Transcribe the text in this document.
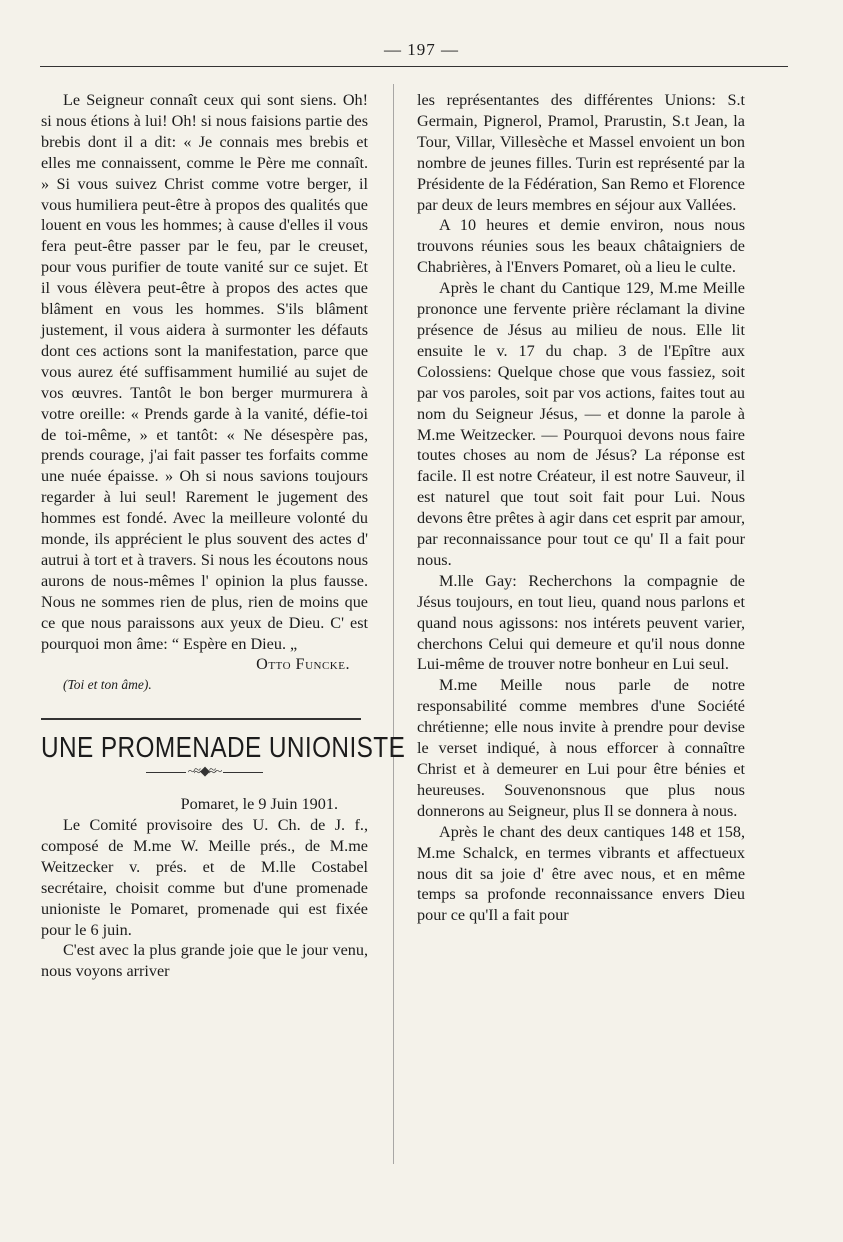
— 197 —

Le Seigneur connaît ceux qui sont siens. Oh! si nous étions à lui! Oh! si nous faisions partie des brebis dont il a dit: « Je connais mes brebis et elles me connaissent, comme le Père me connaît. » Si vous suivez Christ comme votre berger, il vous humiliera peut-être à propos des qualités que louent en vous les hommes; à cause d'elles il vous fera peut-être passer par le feu, par le creuset, pour vous purifier de toute vanité sur ce sujet. Et il vous élèvera peut-être à propos des actes que blâment en vous les hommes. S'ils blâment justement, il vous aidera à surmonter les défauts dont ces actions sont la manifestation, parce que vous aurez été suffisamment humilié au sujet de vos œuvres. Tantôt le bon berger murmurera à votre oreille: « Prends garde à la vanité, défie-toi de toi-même, » et tantôt: « Ne désespère pas, prends courage, j'ai fait passer tes forfaits comme une nuée épaisse. » Oh si nous savions toujours regarder à lui seul! Rarement le jugement des hommes est fondé. Avec la meilleure volonté du monde, ils apprécient le plus souvent des actes d' autrui à tort et à travers. Si nous les écoutons nous aurons de nous-mêmes l' opinion la plus fausse. Nous ne sommes rien de plus, rien de moins que ce que nous paraissons aux yeux de Dieu. C' est pourquoi mon âme: “ Espère en Dieu. „

Otto Funcke.

(Toi et ton âme).

UNE PROMENADE UNIONISTE
~≈◆≈~

Pomaret, le 9 Juin 1901.

Le Comité provisoire des U. Ch. de J. f., composé de M.me W. Meille prés., de M.me Weitzecker v. prés. et de M.lle Costabel secrétaire, choisit comme but d'une promenade unioniste le Pomaret, promenade qui est fixée pour le 6 juin.

C'est avec la plus grande joie que le jour venu, nous voyons arriver

les représentantes des différentes Unions: S.t Germain, Pignerol, Pramol, Prarustin, S.t Jean, la Tour, Villar, Villesèche et Massel envoient un bon nombre de jeunes filles. Turin est représenté par la Présidente de la Fédération, San Remo et Florence par deux de leurs membres en séjour aux Vallées.

A 10 heures et demie environ, nous nous trouvons réunies sous les beaux châtaigniers de Chabrières, à l'Envers Pomaret, où a lieu le culte.

Après le chant du Cantique 129, M.me Meille prononce une fervente prière réclamant la divine présence de Jésus au milieu de nous. Elle lit ensuite le v. 17 du chap. 3 de l'Epître aux Colossiens: Quelque chose que vous fassiez, soit par vos paroles, soit par vos actions, faites tout au nom du Seigneur Jésus, — et donne la parole à M.me Weitzecker. — Pourquoi devons nous faire toutes choses au nom de Jésus? La réponse est facile. Il est notre Créateur, il est notre Sauveur, il est naturel que tout soit fait pour Lui. Nous devons être prêtes à agir dans cet esprit par amour, par reconnaissance pour tout ce qu' Il a fait pour nous.

M.lle Gay: Recherchons la compagnie de Jésus toujours, en tout lieu, quand nous parlons et quand nous agissons: nos intérets peuvent varier, cherchons Celui qui demeure et qu'il nous donne Lui-même de trouver notre bonheur en Lui seul.

M.me Meille nous parle de notre responsabilité comme membres d'une Société chrétienne; elle nous invite à prendre pour devise le verset indiqué, à nous efforcer à connaître Christ et à demeurer en Lui pour être bénies et heureuses. Souvenonsnous que plus nous donnerons au Seigneur, plus Il se donnera à nous.

Après le chant des deux cantiques 148 et 158, M.me Schalck, en termes vibrants et affectueux nous dit sa joie d' être avec nous, et en même temps sa profonde reconnaissance envers Dieu pour ce qu'Il a fait pour
